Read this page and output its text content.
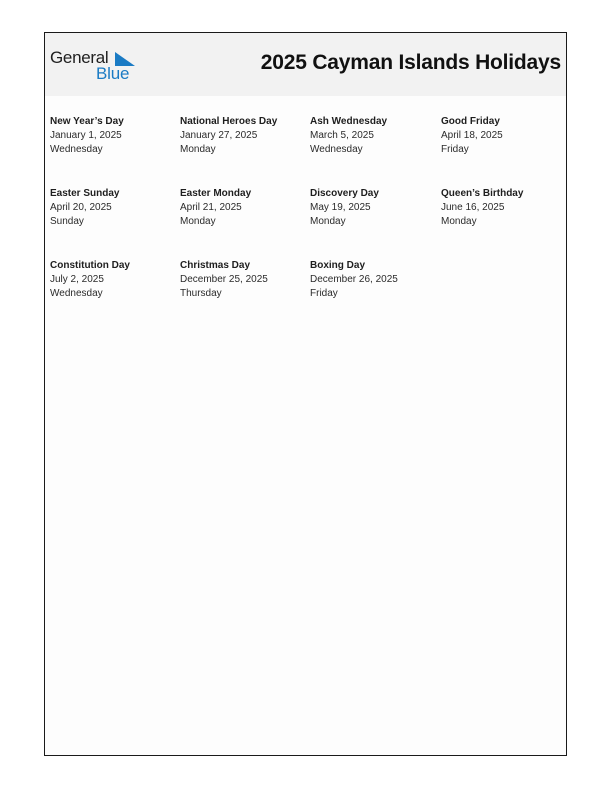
General
Blue	2025 Cayman Islands Holidays
New Year’s Day
January 1, 2025
Wednesday
National Heroes Day
January 27, 2025
Monday
Ash Wednesday
March 5, 2025
Wednesday
Good Friday
April 18, 2025
Friday
Easter Sunday
April 20, 2025
Sunday
Easter Monday
April 21, 2025
Monday
Discovery Day
May 19, 2025
Monday
Queen’s Birthday
June 16, 2025
Monday
Constitution Day
July 2, 2025
Wednesday
Christmas Day
December 25, 2025
Thursday
Boxing Day
December 26, 2025
Friday
